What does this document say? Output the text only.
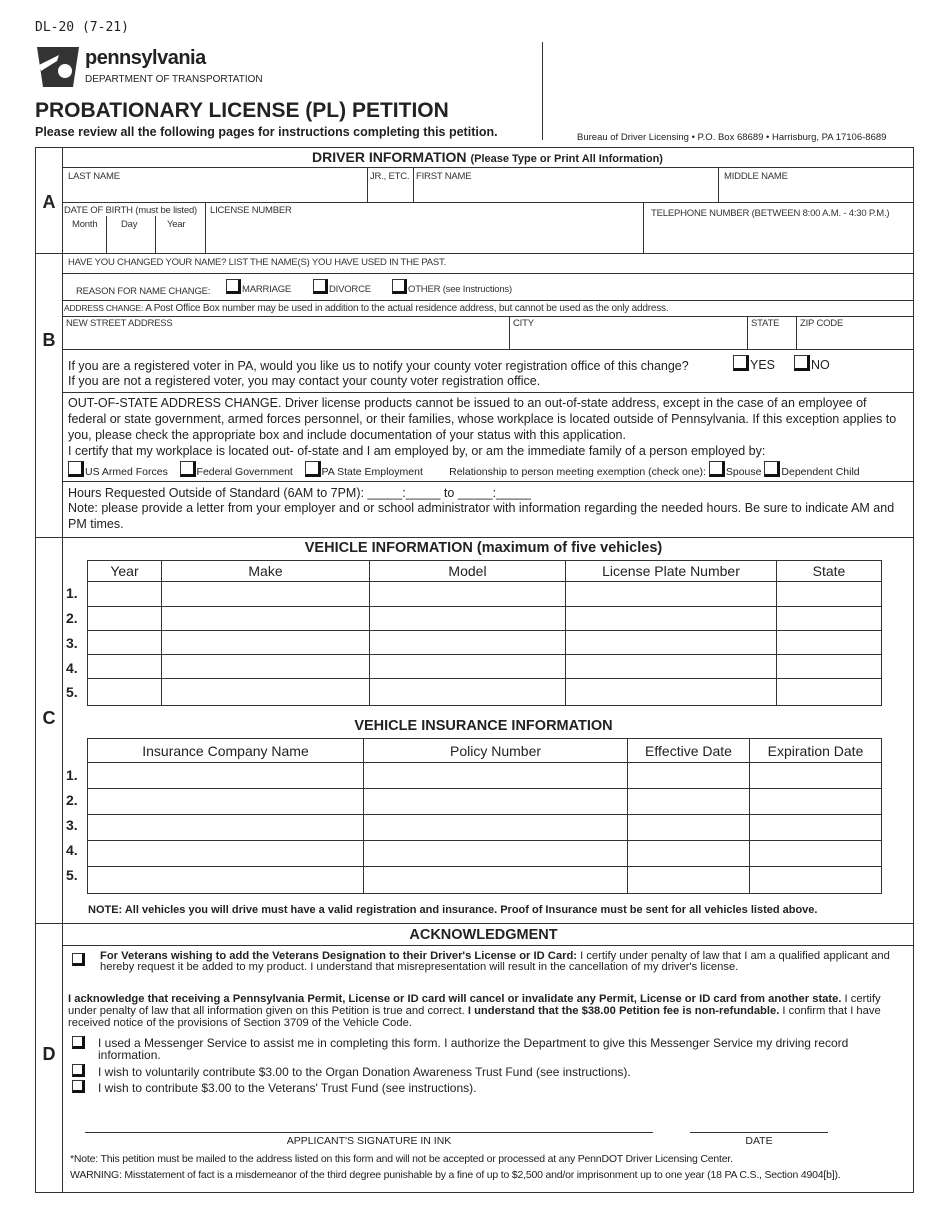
DL-20 (7-21)
pennsylvania
DEPARTMENT OF TRANSPORTATION
PROBATIONARY LICENSE (PL) PETITION
Please review all the following pages for instructions completing this petition.	Bureau of Driver Licensing • P.O. Box 68689 • Harrisburg, PA 17106-8689
A
B
C
D
DRIVER INFORMATION (Please Type or Print All Information)
LAST NAME	JR., ETC. FIRST NAME	MIDDLE NAME
DATE OF BIRTH (must be listed)
Month Day	Year
LICENSE NUMBER	TELEPHONE NUMBER (BETWEEN 8:00 A.M. - 4:30 P.M.)
HAVE YOU CHANGED YOUR NAME? LIST THE NAME(S) YOU HAVE USED IN THE PAST.
REASON FOR NAME CHANGE:	MARRIAGE	DIVORCE	OTHER (see Instructions)
ADDRESS CHANGE: A Post Office Box number may be used in addition to the actual residence address, but cannot be used as the only address.
NEW STREET ADDRESS	CITY	STATE ZIP CODE
If you are a registered voter in PA, would you like us to notify your county voter registration office of this change?
If you are not a registered voter, you may contact your county voter registration office.
YES	NO
OUT-OF-STATE ADDRESS CHANGE. Driver license products cannot be issued to an out-of-state address, except in the case of an employee of federal or state government, armed forces personnel, or their families, whose workplace is located outside of Pennsylvania. If this exception applies to you, please check the appropriate box and include documentation of your status with this application.
I certify that my workplace is located out- of-state and I am employed by, or am the immediate family of a person employed by:
US Armed Forces	Federal Government	PA State Employment	Relationship to person meeting exemption (check one): Spouse Dependent Child
Hours Requested Outside of Standard (6AM to 7PM): _____:_____ to _____:_____
Note: please provide a letter from your employer and or school administrator with information regarding the needed hours. Be sure to indicate AM and PM times.
VEHICLE INFORMATION (maximum of five vehicles)
Year	Make	Model	License Plate Number	State

1.
2.
3.
4.
5.
VEHICLE INSURANCE INFORMATION
Insurance Company Name	Policy Number	Effective Date	Expiration Date

1.
2.
3.
4.
5.
NOTE: All vehicles you will drive must have a valid registration and insurance. Proof of Insurance must be sent for all vehicles listed above.
ACKNOWLEDGMENT
For Veterans wishing to add the Veterans Designation to their Driver's License or ID Card: I certify under penalty of law that I am a qualified applicant and hereby request it be added to my product. I understand that misrepresentation will result in the cancellation of my driver's license.
I acknowledge that receiving a Pennsylvania Permit, License or ID card will cancel or invalidate any Permit, License or ID card from another state. I certify under penalty of law that all information given on this Petition is true and correct. I understand that the $38.00 Petition fee is non-refundable. I confirm that I have received notice of the provisions of Section 3709 of the Vehicle Code.
I used a Messenger Service to assist me in completing this form. I authorize the Department to give this Messenger Service my driving record information.
I wish to voluntarily contribute $3.00 to the Organ Donation Awareness Trust Fund (see instructions).
I wish to contribute $3.00 to the Veterans' Trust Fund (see instructions).
APPLICANT'S SIGNATURE IN INK	DATE
*Note: This petition must be mailed to the address listed on this form and will not be accepted or processed at any PennDOT Driver Licensing Center.
WARNING: Misstatement of fact is a misdemeanor of the third degree punishable by a fine of up to $2,500 and/or imprisonment up to one year (18 PA C.S., Section 4904[b]).
